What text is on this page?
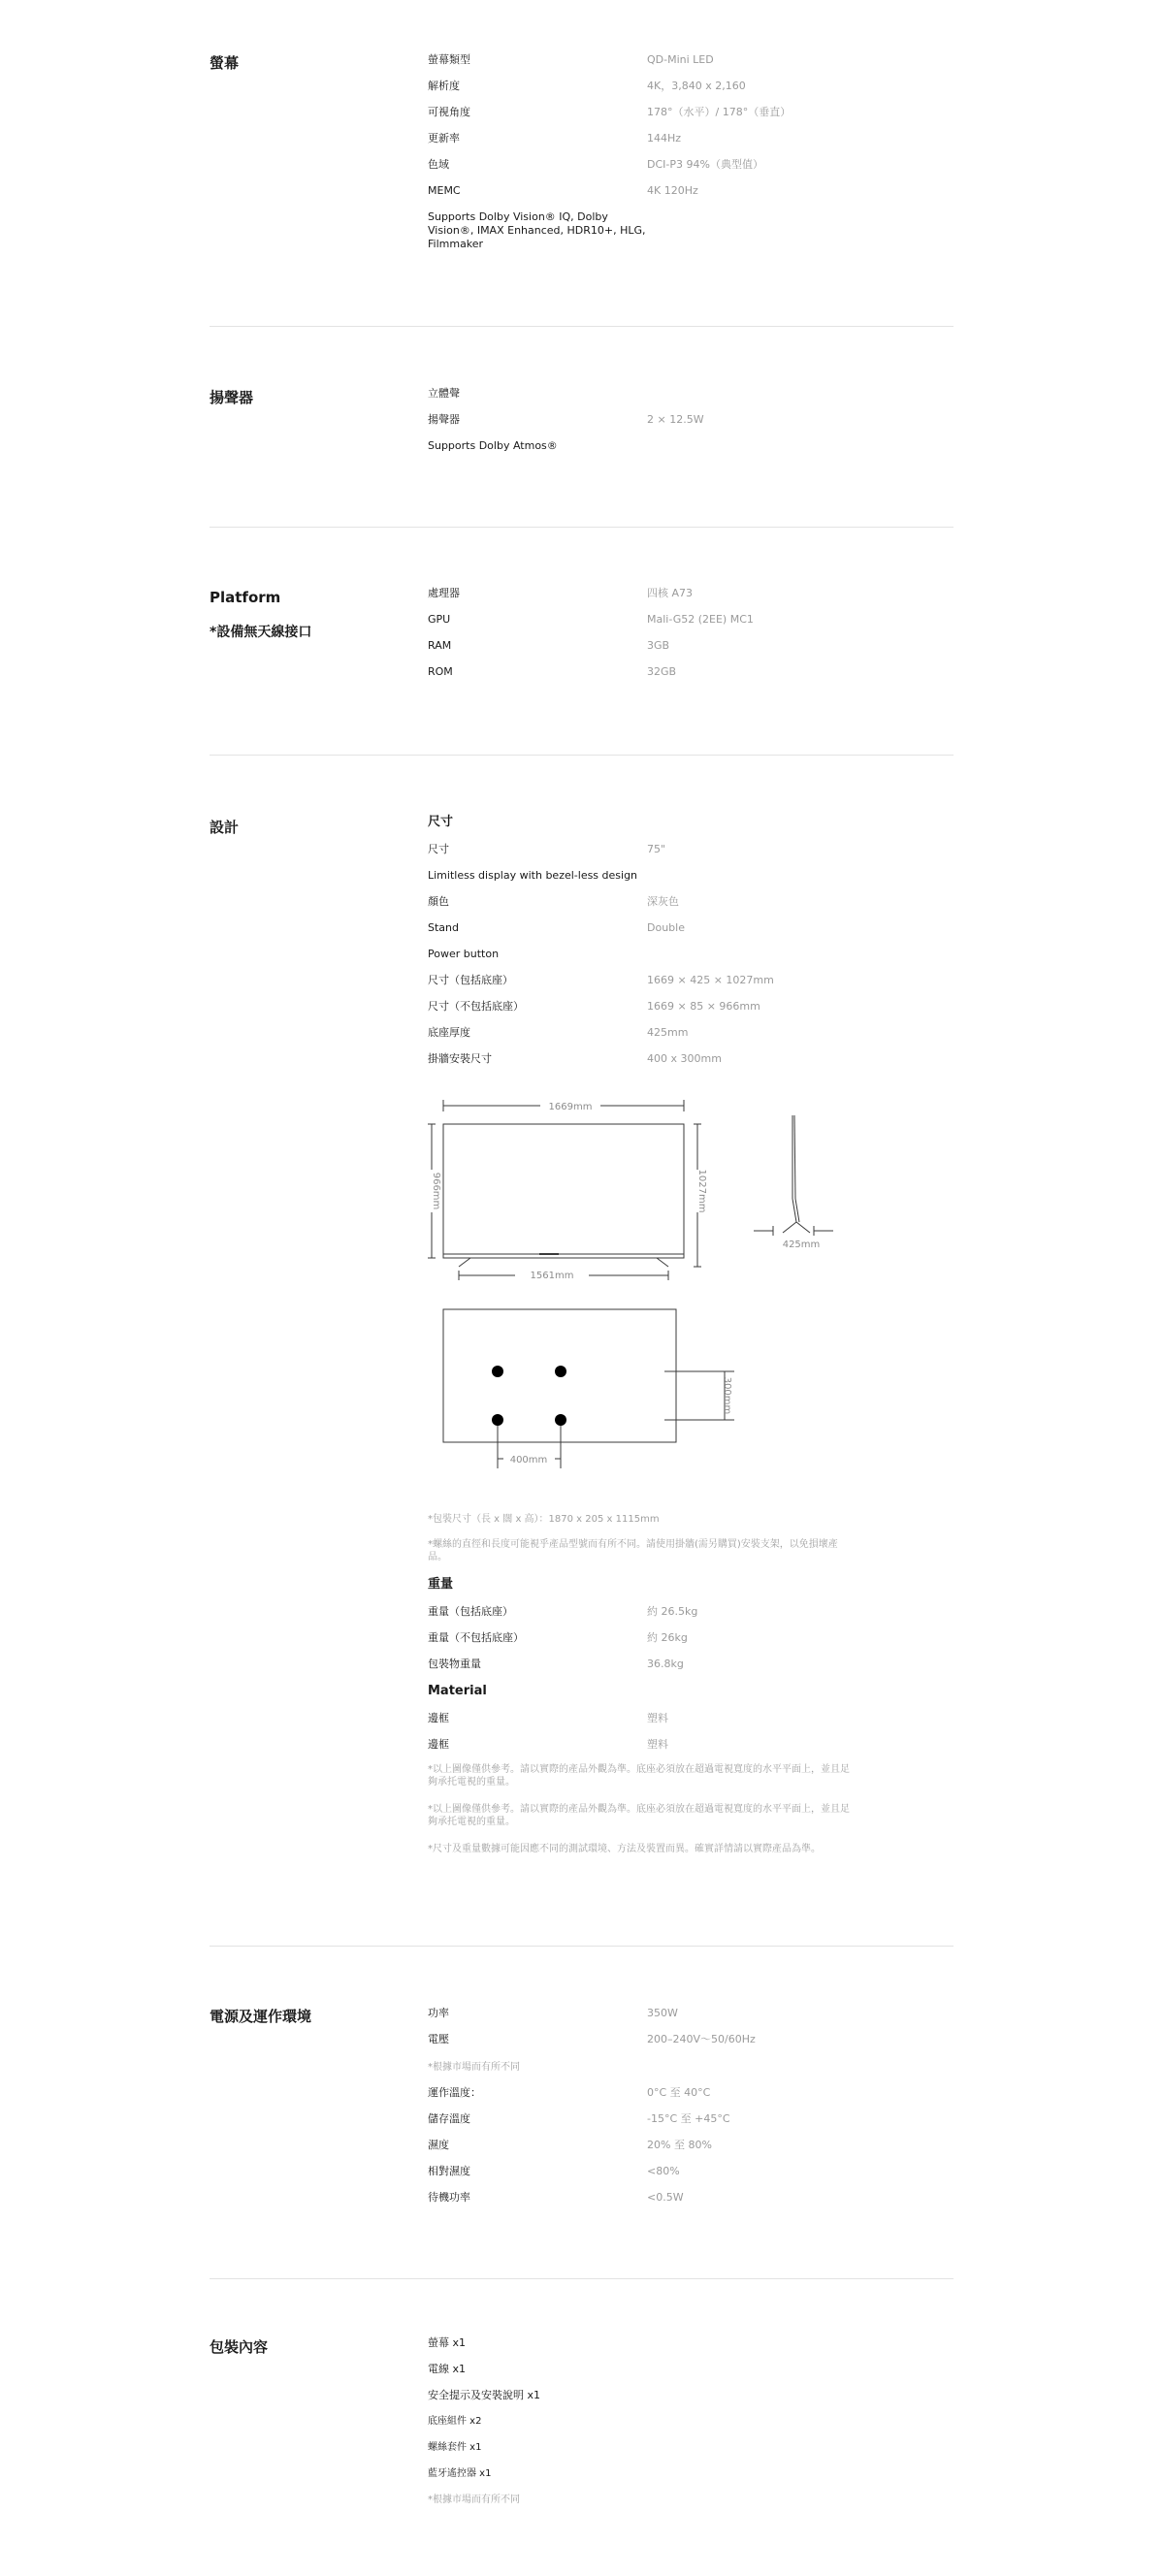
螢幕	螢幕類型	QD-Mini LED
解析度	4K，3,840 x 2,160
可視角度	178°（水平）/ 178°（垂直）
更新率	144Hz
色域	DCI-P3 94%（典型值）
MEMC	4K 120Hz
Supports Dolby Vision® IQ, Dolby Vision®, IMAX Enhanced, HDR10+, HLG, Filmmaker
揚聲器	立體聲
揚聲器	2 × 12.5W
Supports Dolby Atmos®
Platform
*設備無天線接口
處理器	四核 A73
GPU	Mali-G52 (2EE) MC1
RAM	3GB
ROM	32GB
設計	尺寸
尺寸	75"
Limitless display with bezel-less design
顏色	深灰色
Stand	Double
Power button
尺寸（包括底座）	1669 × 425 × 1027mm
尺寸（不包括底座）	1669 × 85 × 966mm
底座厚度	425mm
掛牆安裝尺寸	400 x 300mm
1669mm
966mm	1027mm
1561mm
425mm
300mm
400mm
*包裝尺寸（長 x 闊 x 高）：1870 x 205 x 1115mm
*螺絲的直徑和長度可能視乎產品型號而有所不同。請使用掛牆(需另購買)安裝支架，以免損壞產品。
重量
重量（包括底座）	約 26.5kg
重量（不包括底座）	約 26kg
包裝物重量	36.8kg
Material
邊框	塑料
邊框	塑料
*以上圖像僅供參考。請以實際的產品外觀為準。底座必須放在超過電視寬度的水平平面上，並且足夠承托電視的重量。
*以上圖像僅供參考。請以實際的產品外觀為準。底座必須放在超過電視寬度的水平平面上，並且足夠承托電視的重量。
*尺寸及重量數據可能因應不同的測試環境、方法及裝置而異。確實詳情請以實際產品為準。
電源及運作環境	功率	350W
電壓	200–240V～50/60Hz
*根據市場而有所不同
運作溫度：	0°C 至 40°C
儲存溫度	-15°C 至 +45°C
濕度	20% 至 80%
相對濕度	<80%
待機功率	<0.5W
包裝內容	螢幕 x1
電線 x1
安全提示及安裝說明 x1
底座組件 x2
螺絲套件 x1
藍牙遙控器 x1
*根據市場而有所不同
